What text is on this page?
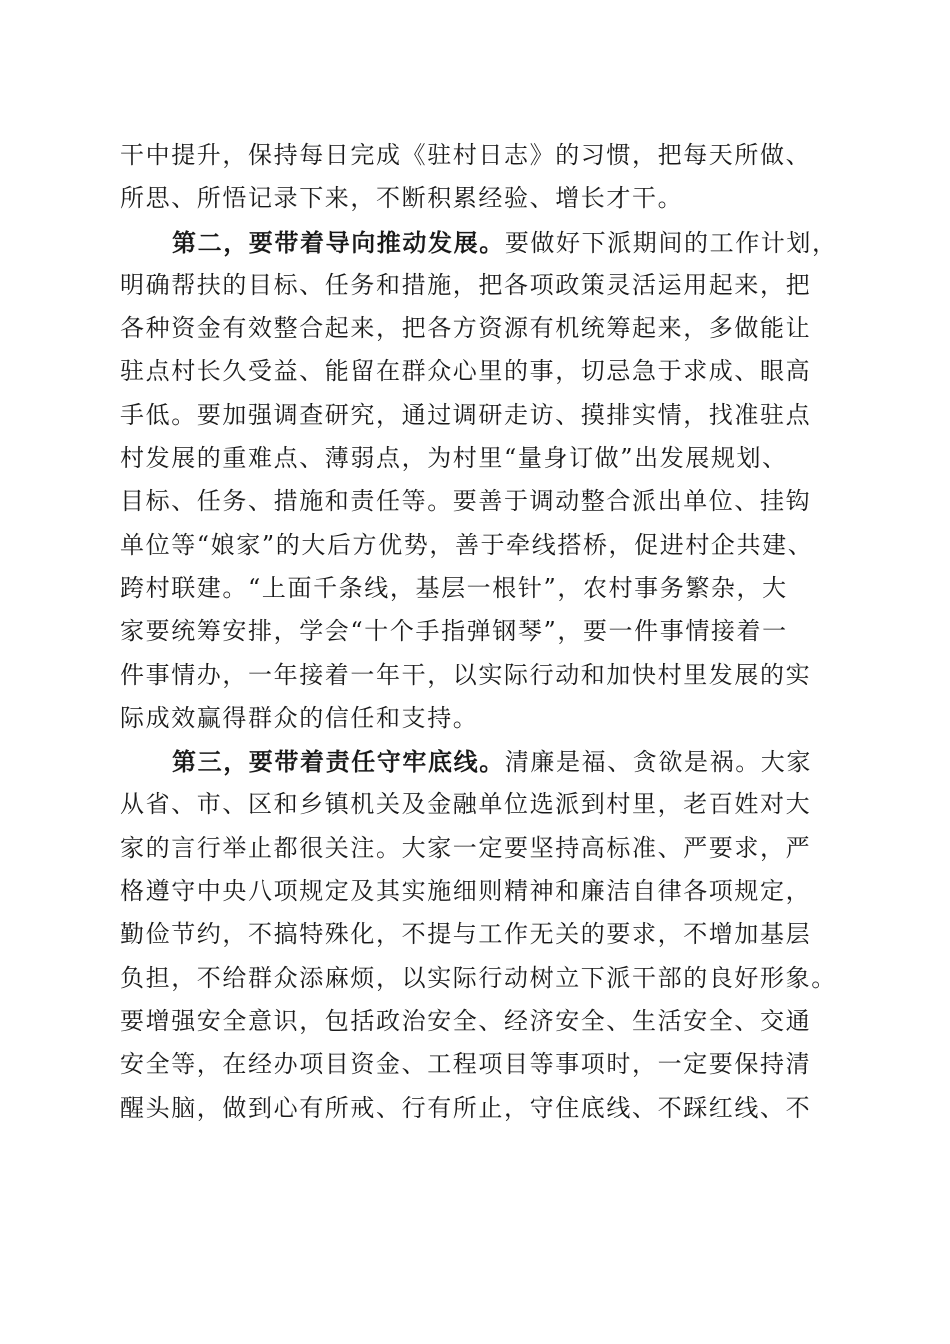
干中提升，保持每日完成《驻村日志》的习惯，把每天所做、
所思、所悟记录下来，不断积累经验、增长才干。
第二，要带着导向推动发展。要做好下派期间的工作计划，
明确帮扶的目标、任务和措施，把各项政策灵活运用起来，把
各种资金有效整合起来，把各方资源有机统筹起来，多做能让
驻点村长久受益、能留在群众心里的事，切忌急于求成、眼高
手低。要加强调查研究，通过调研走访、摸排实情，找准驻点
村发展的重难点、薄弱点，为村里“量身订做”出发展规划、
目标、任务、措施和责任等。要善于调动整合派出单位、挂钩
单位等“娘家”的大后方优势，善于牵线搭桥，促进村企共建、
跨村联建。“上面千条线，基层一根针”，农村事务繁杂，大
家要统筹安排，学会“十个手指弹钢琴”，要一件事情接着一
件事情办，一年接着一年干，以实际行动和加快村里发展的实
际成效赢得群众的信任和支持。
第三，要带着责任守牢底线。清廉是福、贪欲是祸。大家
从省、市、区和乡镇机关及金融单位选派到村里，老百姓对大
家的言行举止都很关注。大家一定要坚持高标准、严要求，严
格遵守中央八项规定及其实施细则精神和廉洁自律各项规定，
勤俭节约，不搞特殊化，不提与工作无关的要求，不增加基层
负担，不给群众添麻烦，以实际行动树立下派干部的良好形象。
要增强安全意识，包括政治安全、经济安全、生活安全、交通
安全等，在经办项目资金、工程项目等事项时，一定要保持清
醒头脑，做到心有所戒、行有所止，守住底线、不踩红线、不
